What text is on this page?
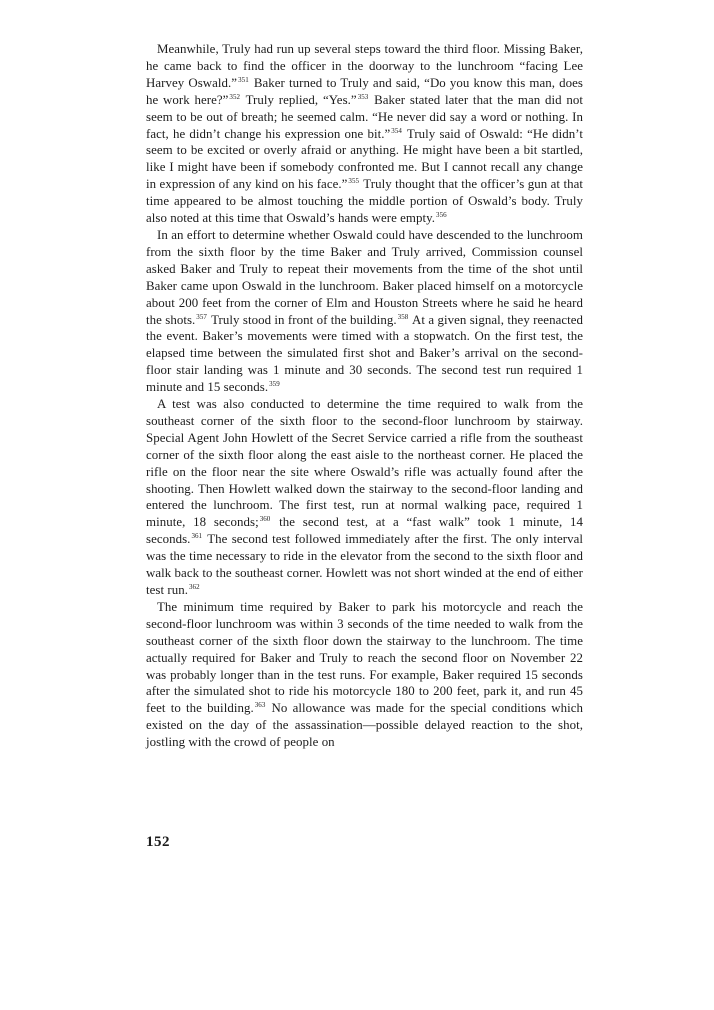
Meanwhile, Truly had run up several steps toward the third floor. Missing Baker, he came back to find the officer in the doorway to the lunchroom “facing Lee Harvey Oswald.”$^{351}$ Baker turned to Truly and said, “Do you know this man, does he work here?”$^{352}$ Truly replied, “Yes.”$^{353}$ Baker stated later that the man did not seem to be out of breath; he seemed calm. “He never did say a word or nothing. In fact, he didn’t change his expression one bit.”$^{354}$ Truly said of Oswald: “He didn’t seem to be excited or overly afraid or anything. He might have been a bit startled, like I might have been if somebody confronted me. But I cannot recall any change in expression of any kind on his face.”$^{355}$ Truly thought that the officer’s gun at that time appeared to be almost touching the middle portion of Oswald’s body. Truly also noted at this time that Oswald’s hands were empty.$^{356}$

In an effort to determine whether Oswald could have descended to the lunchroom from the sixth floor by the time Baker and Truly arrived, Commission counsel asked Baker and Truly to repeat their movements from the time of the shot until Baker came upon Oswald in the lunchroom. Baker placed himself on a motorcycle about 200 feet from the corner of Elm and Houston Streets where he said he heard the shots.$^{357}$ Truly stood in front of the building.$^{358}$ At a given signal, they reenacted the event. Baker’s movements were timed with a stopwatch. On the first test, the elapsed time between the simulated first shot and Baker’s arrival on the second-floor stair landing was 1 minute and 30 seconds. The second test run required 1 minute and 15 seconds.$^{359}$

A test was also conducted to determine the time required to walk from the southeast corner of the sixth floor to the second-floor lunchroom by stairway. Special Agent John Howlett of the Secret Service carried a rifle from the southeast corner of the sixth floor along the east aisle to the northeast corner. He placed the rifle on the floor near the site where Oswald’s rifle was actually found after the shooting. Then Howlett walked down the stairway to the second-floor landing and entered the lunchroom. The first test, run at normal walking pace, required 1 minute, 18 seconds;$^{360}$ the second test, at a “fast walk” took 1 minute, 14 seconds.$^{361}$ The second test followed immediately after the first. The only interval was the time necessary to ride in the elevator from the second to the sixth floor and walk back to the southeast corner. Howlett was not short winded at the end of either test run.$^{362}$

The minimum time required by Baker to park his motorcycle and reach the second-floor lunchroom was within 3 seconds of the time needed to walk from the southeast corner of the sixth floor down the stairway to the lunchroom. The time actually required for Baker and Truly to reach the second floor on November 22 was probably longer than in the test runs. For example, Baker required 15 seconds after the simulated shot to ride his motorcycle 180 to 200 feet, park it, and run 45 feet to the building.$^{363}$ No allowance was made for the special conditions which existed on the day of the assassination—possible delayed reaction to the shot, jostling with the crowd of people on

152
